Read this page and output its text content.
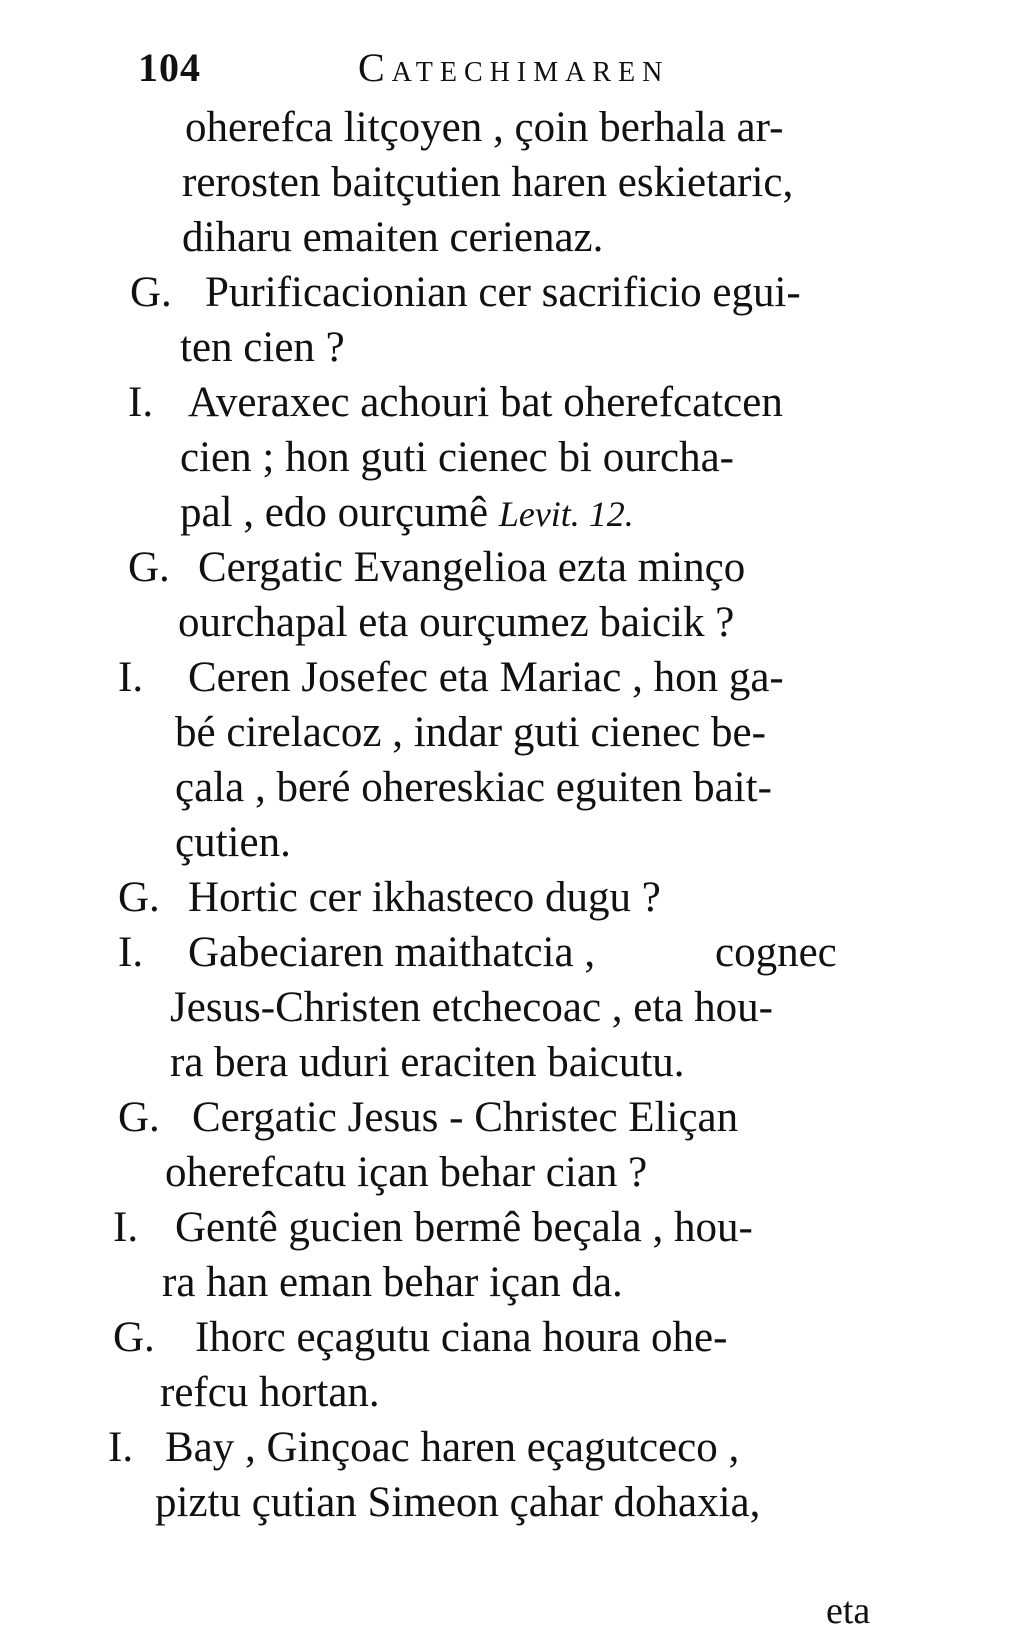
104	Catechimaren
oherefca litçoyen , çoin berhala ar-
rerosten baitçutien haren eskietaric,
diharu emaiten cerienaz.
G. Purificacionian cer sacrificio egui-
ten cien ?
I. Averaxec achouri bat oherefcatcen
cien ; hon guti cienec bi ourcha-
pal , edo ourçumê Levit. 12.
G. Cergatic Evangelioa ezta minço
ourchapal eta ourçumez baicik ?
I. Ceren Josefec eta Mariac , hon ga-
bé cirelacoz , indar guti cienec be-
çala , beré ohereskiac eguiten bait-
çutien.
G. Hortic cer ikhasteco dugu ?
I. Gabeciaren maithatcia ,	cognec
Jesus-Christen etchecoac , eta hou-
ra bera uduri eraciten baicutu.
G. Cergatic Jesus - Christec Eliçan
oherefcatu içan behar cian ?
I. Gentê gucien bermê beçala , hou-
ra han eman behar içan da.
G. Ihorc eçagutu ciana houra ohe-
refcu hortan.
I. Bay , Ginçoac haren eçagutceco ,
piztu çutian Simeon çahar dohaxia,
eta
